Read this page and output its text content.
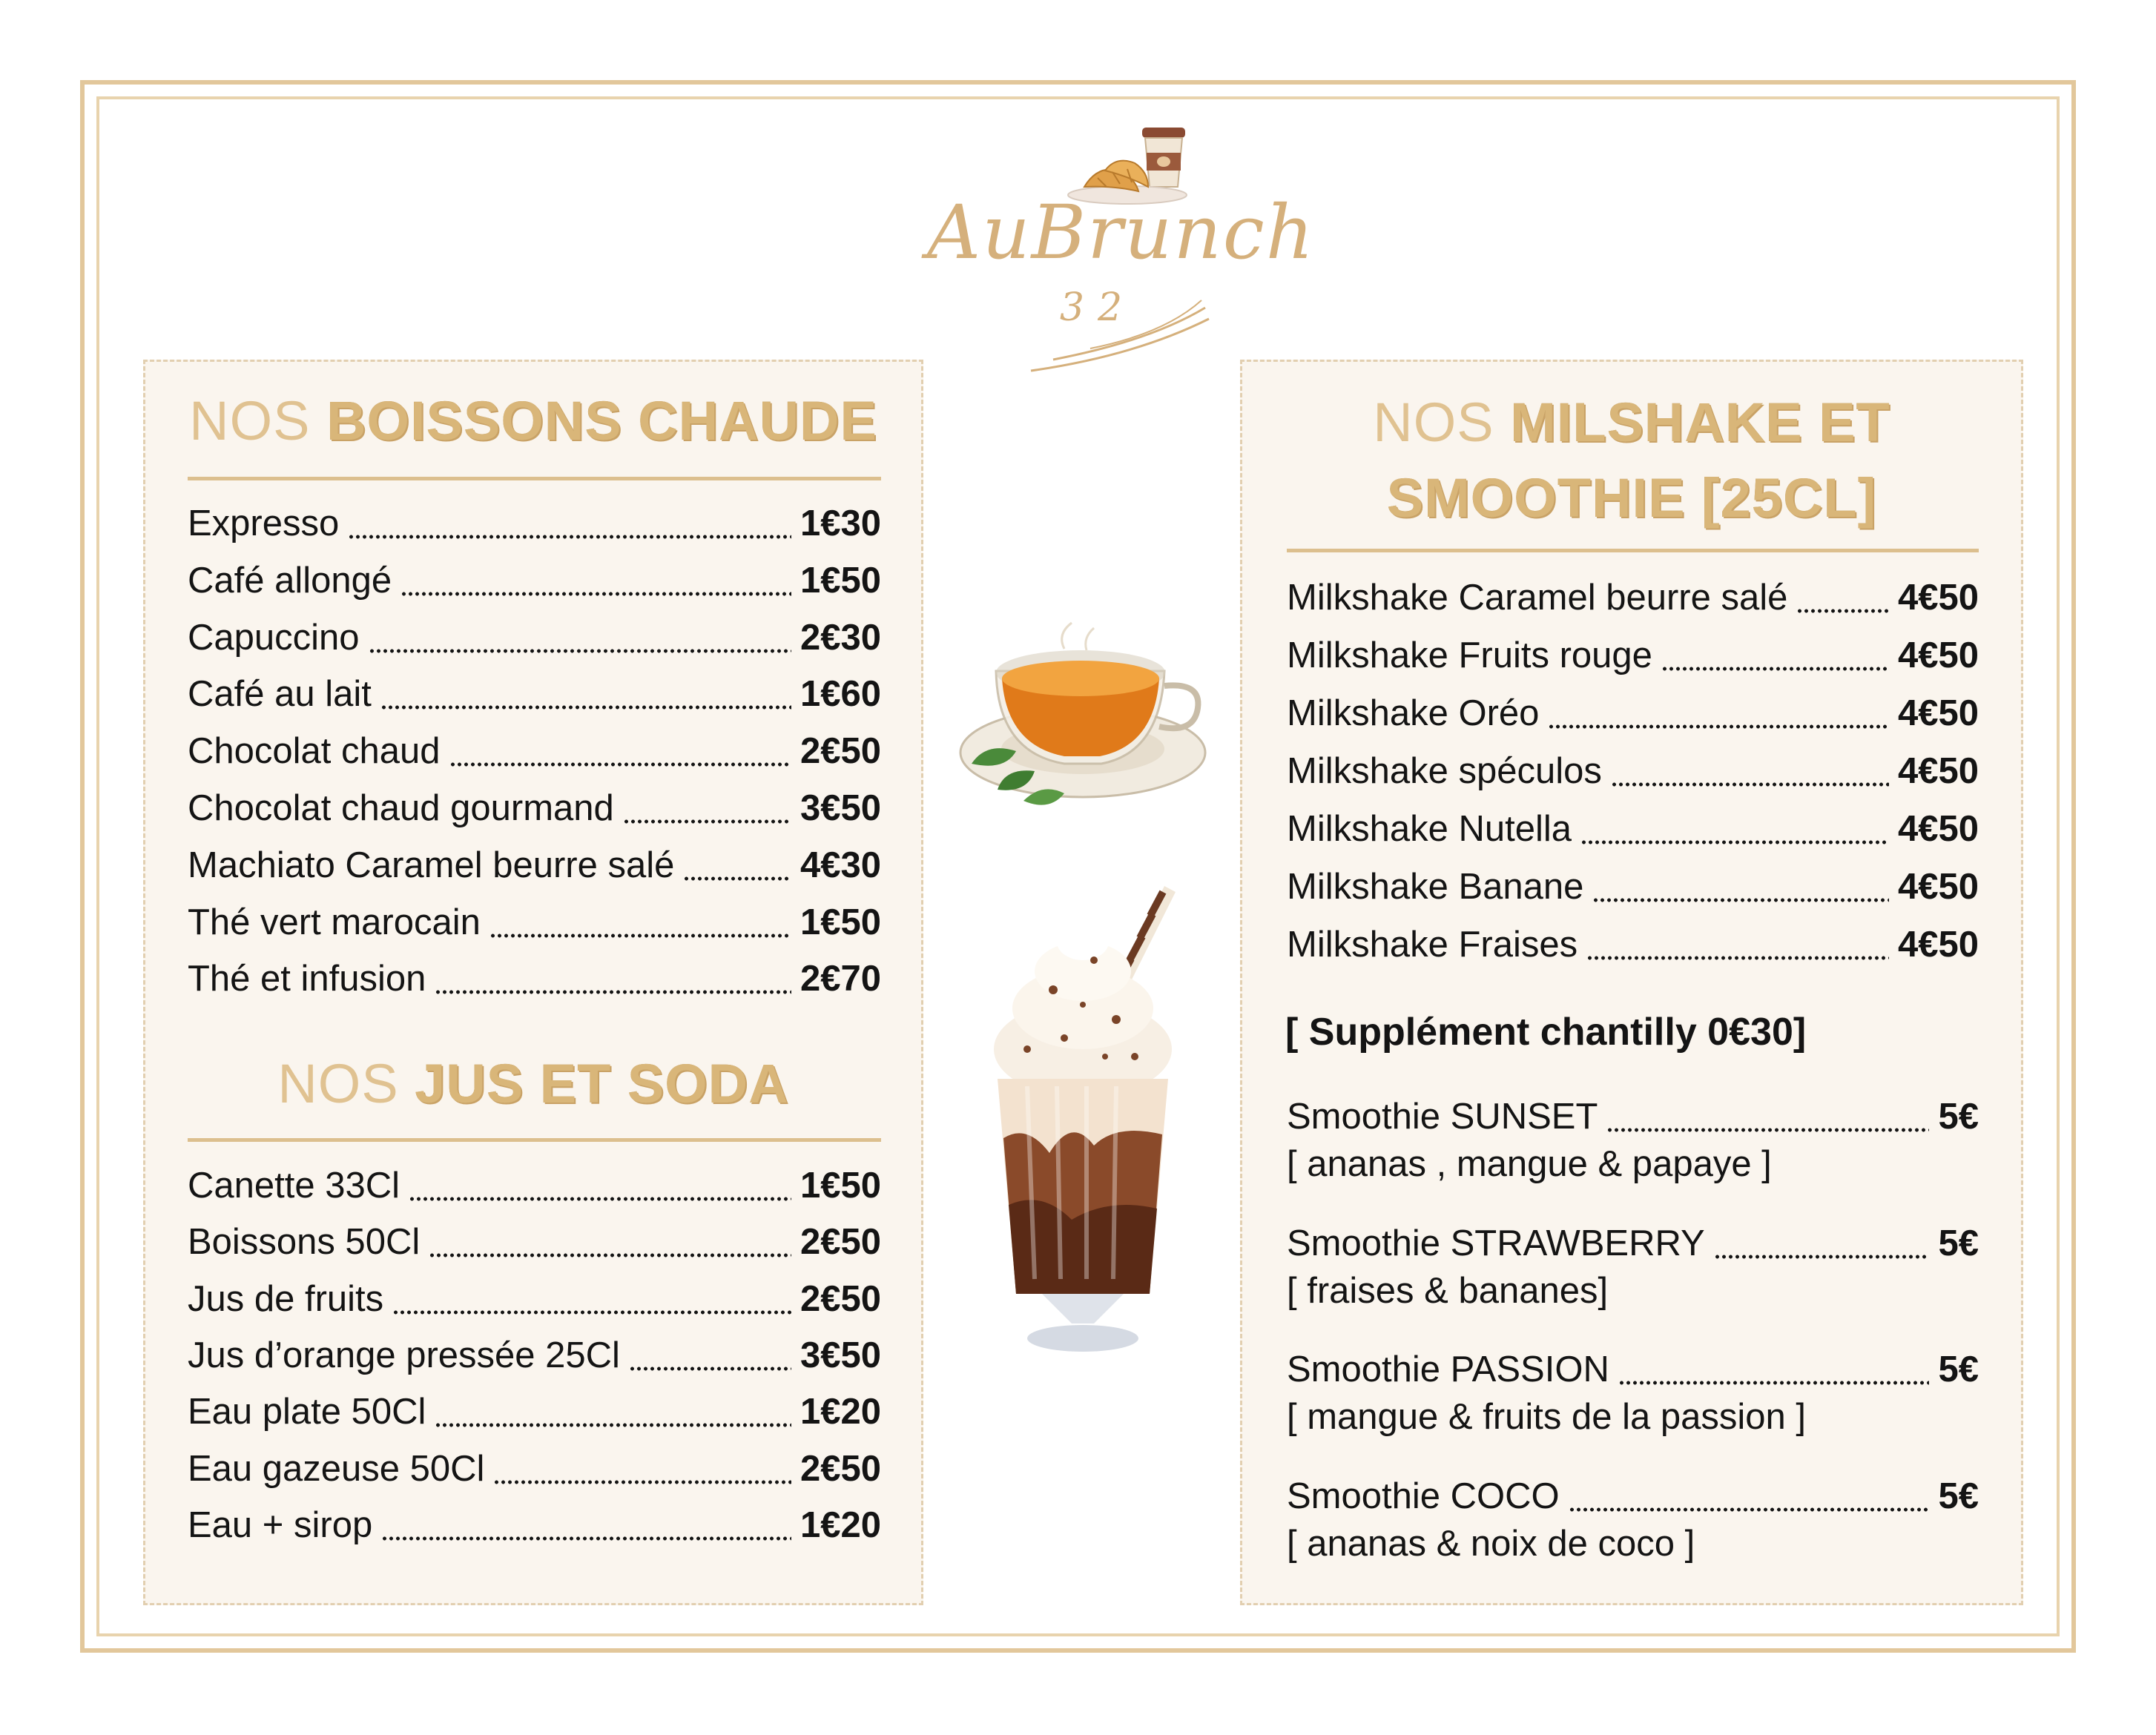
AuBrunch
32
NOS BOISSONS CHAUDE
Expresso	1€30
Café allongé	1€50
Capuccino	2€30
Café au lait	1€60
Chocolat chaud	2€50
Chocolat chaud gourmand	3€50
Machiato Caramel beurre salé	4€30
Thé vert marocain	1€50
Thé et infusion	2€70
NOS JUS ET SODA
Canette 33Cl	1€50
Boissons 50Cl	2€50
Jus de fruits	2€50
Jus d’orange pressée 25Cl	3€50
Eau plate 50Cl	1€20
Eau gazeuse 50Cl	2€50
Eau + sirop	1€20
NOS MILSHAKE ET
SMOOTHIE [25CL]
Milkshake Caramel beurre salé	4€50
Milkshake Fruits rouge	4€50
Milkshake Oréo	4€50
Milkshake spéculos	4€50
Milkshake Nutella	4€50
Milkshake Banane	4€50
Milkshake Fraises	4€50
[ Supplément chantilly 0€30]
Smoothie SUNSET	5€
[ ananas , mangue & papaye ]
Smoothie STRAWBERRY	5€
[ fraises & bananes]
Smoothie PASSION	5€
[ mangue & fruits de la passion ]
Smoothie COCO	5€
[ ananas & noix de coco ]
